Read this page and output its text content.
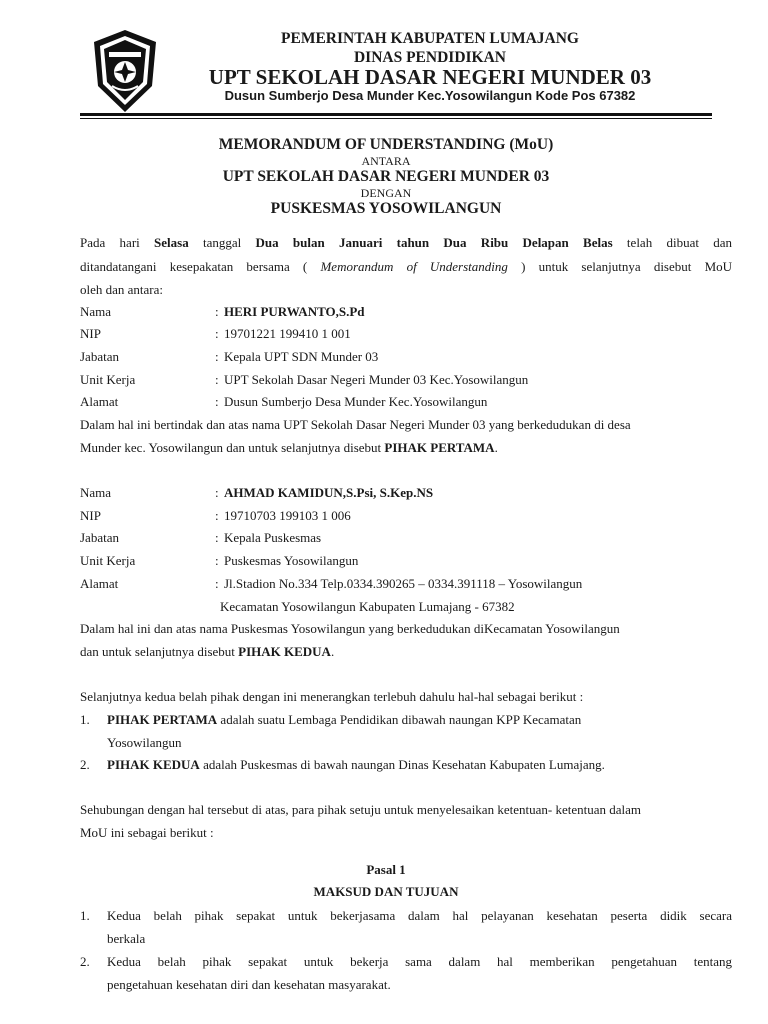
PEMERINTAH KABUPATEN LUMAJANG
DINAS PENDIDIKAN
UPT SEKOLAH DASAR NEGERI MUNDER 03
Dusun Sumberjo Desa Munder Kec.Yosowilangun Kode Pos 67382
MEMORANDUM OF UNDERSTANDING (MoU)
ANTARA
UPT SEKOLAH DASAR NEGERI MUNDER 03
DENGAN
PUSKESMAS YOSOWILANGUN
Pada hari Selasa tanggal Dua bulan Januari tahun Dua Ribu Delapan Belas telah dibuat dan
ditandatangani kesepakatan bersama ( Memorandum of Understanding ) untuk selanjutnya disebut MoU
oleh dan antara:
Nama	: HERI PURWANTO,S.Pd
NIP	: 19701221 199410 1 001
Jabatan	: Kepala UPT SDN Munder 03
Unit Kerja	: UPT Sekolah Dasar Negeri Munder 03 Kec.Yosowilangun
Alamat	: Dusun Sumberjo Desa Munder Kec.Yosowilangun
Dalam hal ini bertindak dan atas nama UPT Sekolah Dasar Negeri Munder 03 yang berkedudukan di desa
Munder kec. Yosowilangun dan untuk selanjutnya disebut PIHAK PERTAMA.
Nama	: AHMAD KAMIDUN,S.Psi, S.Kep.NS
NIP	: 19710703 199103 1 006
Jabatan	: Kepala Puskesmas
Unit Kerja	: Puskesmas Yosowilangun
Alamat	: Jl.Stadion No.334 Telp.0334.390265 – 0334.391118 – Yosowilangun
Kecamatan Yosowilangun Kabupaten Lumajang - 67382
Dalam hal ini dan atas nama Puskesmas Yosowilangun yang berkedudukan diKecamatan Yosowilangun
dan untuk selanjutnya disebut PIHAK KEDUA.
Selanjutnya kedua belah pihak dengan ini menerangkan terlebuh dahulu hal-hal sebagai berikut :
1. PIHAK PERTAMA adalah suatu Lembaga Pendidikan dibawah naungan KPP Kecamatan
Yosowilangun
2. PIHAK KEDUA adalah Puskesmas di bawah naungan Dinas Kesehatan Kabupaten Lumajang.
Sehubungan dengan hal tersebut di atas, para pihak setuju untuk menyelesaikan ketentuan- ketentuan dalam
MoU ini sebagai berikut :
Pasal 1
MAKSUD DAN TUJUAN
1. Kedua belah pihak sepakat untuk bekerjasama dalam hal pelayanan kesehatan peserta didik secara
berkala
2. Kedua belah pihak sepakat untuk bekerja sama dalam hal memberikan pengetahuan tentang
pengetahuan kesehatan diri dan kesehatan masyarakat.
